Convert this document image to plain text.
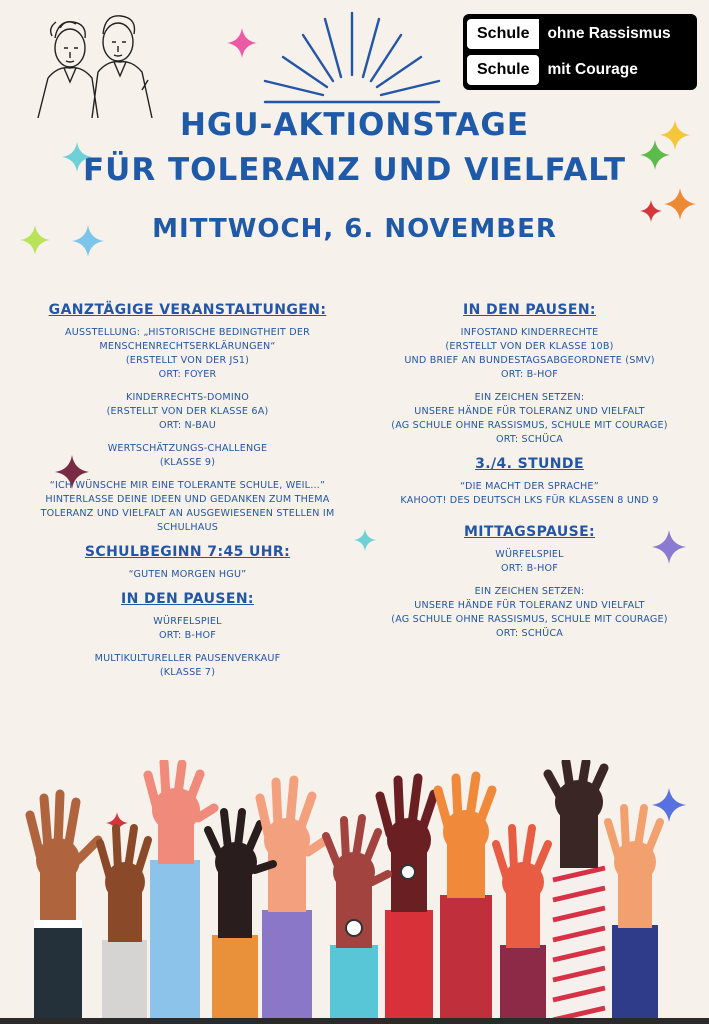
Schule	ohne Rassismus
Schule	mit Courage
HGU-AKTIONSTAGE
FÜR TOLERANZ UND VIELFALT
MITTWOCH, 6. NOVEMBER
GANZTÄGIGE VERANSTALTUNGEN:
AUSSTELLUNG: „HISTORISCHE BEDINGTHEIT DER
MENSCHENRECHTSERKLÄRUNGEN“
(ERSTELLT VON DER JS1)
ORT: FOYER
KINDERRECHTS-DOMINO
(ERSTELLT VON DER KLASSE 6A)
ORT: N-BAU
WERTSCHÄTZUNGS-CHALLENGE
(KLASSE 9)
“ICH WÜNSCHE MIR EINE TOLERANTE SCHULE, WEIL…”
HINTERLASSE DEINE IDEEN UND GEDANKEN ZUM THEMA
TOLERANZ UND VIELFALT AN AUSGEWIESENEN STELLEN IM
SCHULHAUS
SCHULBEGINN 7:45 UHR:
“GUTEN MORGEN HGU”
IN DEN PAUSEN:
WÜRFELSPIEL
ORT: B-HOF
MULTIKULTURELLER PAUSENVERKAUF
(KLASSE 7)
IN DEN PAUSEN:
INFOSTAND KINDERRECHTE
(ERSTELLT VON DER KLASSE 10B)
UND BRIEF AN BUNDESTAGSABGEORDNETE (SMV)
ORT: B-HOF
EIN ZEICHEN SETZEN:
UNSERE HÄNDE FÜR TOLERANZ UND VIELFALT
(AG SCHULE OHNE RASSISMUS, SCHULE MIT COURAGE)
ORT: SCHÜCA
3./4. STUNDE
“DIE MACHT DER SPRACHE”
KAHOOT! DES DEUTSCH LKS FÜR KLASSEN 8 UND 9
MITTAGSPAUSE:
WÜRFELSPIEL
ORT: B-HOF
EIN ZEICHEN SETZEN:
UNSERE HÄNDE FÜR TOLERANZ UND VIELFALT
(AG SCHULE OHNE RASSISMUS, SCHULE MIT COURAGE)
ORT: SCHÜCA
